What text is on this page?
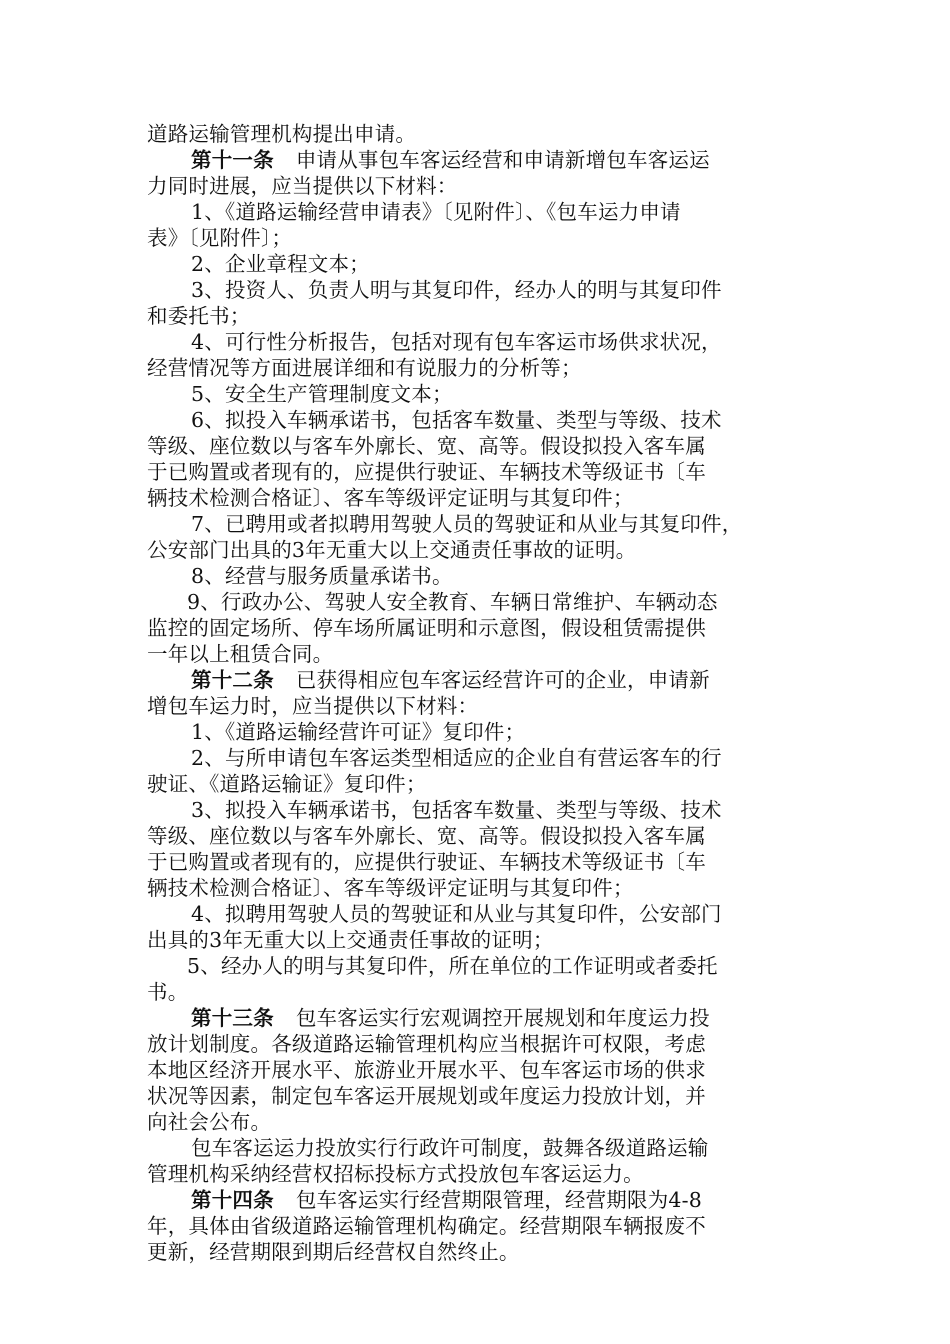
道路运输管理机构提出申请。
第十一条 申请从事包车客运经营和申请新增包车客运运
力同时进展，应当提供以下材料：
1、《道路运输经营申请表》〔见附件〕、《包车运力申请
表》〔见附件〕；
2、企业章程文本；
3、投资人、负责人明与其复印件，经办人的明与其复印件
和委托书；
4、可行性分析报告，包括对现有包车客运市场供求状况，
经营情况等方面进展详细和有说服力的分析等；
5、安全生产管理制度文本；
6、拟投入车辆承诺书，包括客车数量、类型与等级、技术
等级、座位数以与客车外廓长、宽、高等。假设拟投入客车属
于已购置或者现有的，应提供行驶证、车辆技术等级证书〔车
辆技术检测合格证〕、客车等级评定证明与其复印件；
7、已聘用或者拟聘用驾驶人员的驾驶证和从业与其复印件，
公安部门出具的3年无重大以上交通责任事故的证明。
8、经营与服务质量承诺书。
9、行政办公、驾驶人安全教育、车辆日常维护、车辆动态
监控的固定场所、停车场所属证明和示意图，假设租赁需提供
一年以上租赁合同。
第十二条 已获得相应包车客运经营许可的企业，申请新
增包车运力时，应当提供以下材料：
1、《道路运输经营许可证》复印件；
2、与所申请包车客运类型相适应的企业自有营运客车的行
驶证、《道路运输证》复印件；
3、拟投入车辆承诺书，包括客车数量、类型与等级、技术
等级、座位数以与客车外廓长、宽、高等。假设拟投入客车属
于已购置或者现有的，应提供行驶证、车辆技术等级证书〔车
辆技术检测合格证〕、客车等级评定证明与其复印件；
4、拟聘用驾驶人员的驾驶证和从业与其复印件，公安部门
出具的3年无重大以上交通责任事故的证明；
5、经办人的明与其复印件，所在单位的工作证明或者委托
书。
第十三条 包车客运实行宏观调控开展规划和年度运力投
放计划制度。各级道路运输管理机构应当根据许可权限，考虑
本地区经济开展水平、旅游业开展水平、包车客运市场的供求
状况等因素，制定包车客运开展规划或年度运力投放计划，并
向社会公布。
包车客运运力投放实行行政许可制度，鼓舞各级道路运输
管理机构采纳经营权招标投标方式投放包车客运运力。
第十四条 包车客运实行经营期限管理，经营期限为4-8
年，具体由省级道路运输管理机构确定。经营期限车辆报废不
更新，经营期限到期后经营权自然终止。
